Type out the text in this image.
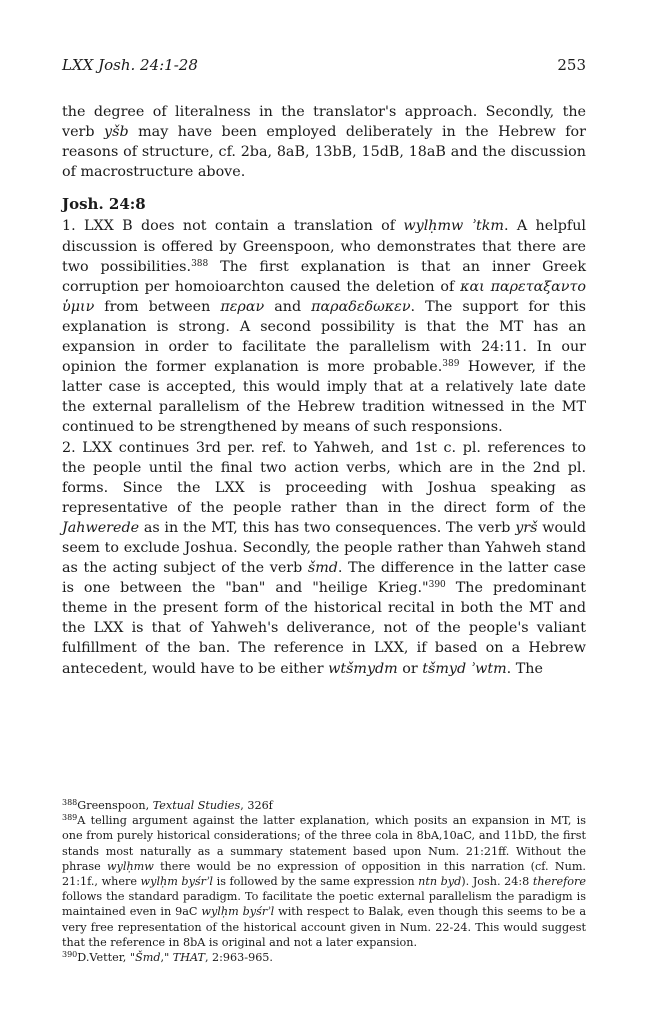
LXX Josh. 24:1-28	253

the degree of literalness in the translator's approach. Secondly, the verb yšb may have been employed deliberately in the Hebrew for reasons of structure, cf. 2ba, 8aB, 13bB, 15dB, 18aB and the discussion of macrostructure above.

Josh. 24:8

1. LXX B does not contain a translation of wylḥmw ʾtkm. A helpful discussion is offered by Greenspoon, who demonstrates that there are two possibilities.$^{388}$ The first explanation is that an inner Greek corruption per homoioarchton caused the deletion of και παρεταξαντο ὑμιν from between περαν and παραδεδωκεν. The support for this explanation is strong. A second possibility is that the MT has an expansion in order to facilitate the parallelism with 24:11. In our opinion the former explanation is more probable.$^{389}$ However, if the latter case is accepted, this would imply that at a relatively late date the external parallelism of the Hebrew tradition witnessed in the MT continued to be strengthened by means of such responsions.

2. LXX continues 3rd per. ref. to Yahweh, and 1st c. pl. references to the people until the final two action verbs, which are in the 2nd pl. forms. Since the LXX is proceeding with Joshua speaking as representative of the people rather than in the direct form of the Jahwerede as in the MT, this has two consequences. The verb yrš would seem to exclude Joshua. Secondly, the people rather than Yahweh stand as the acting subject of the verb šmd. The difference in the latter case is one between the "ban" and "heilige Krieg."$^{390}$ The predominant theme in the present form of the historical recital in both the MT and the LXX is that of Yahweh's deliverance, not of the people's valiant fulfillment of the ban. The reference in LXX, if based on a Hebrew antecedent, would have to be either wtšmydm or tšmyd ʾwtm. The

$^{388}$Greenspoon, Textual Studies, 326f

$^{389}$A telling argument against the latter explanation, which posits an expansion in MT, is one from purely historical considerations; of the three cola in 8bA,10aC, and 11bD, the first stands most naturally as a summary statement based upon Num. 21:21ff. Without the phrase wylḥmw there would be no expression of opposition in this narration (cf. Num. 21:1f., where wylḥm byśrʾl is followed by the same expression ntn byd). Josh. 24:8 therefore follows the standard paradigm. To facilitate the poetic external parallelism the paradigm is maintained even in 9aC wylḥm byśrʾl with respect to Balak, even though this seems to be a very free representation of the historical account given in Num. 22-24. This would suggest that the reference in 8bA is original and not a later expansion.

$^{390}$D.Vetter, "Šmd," THAT, 2:963-965.
